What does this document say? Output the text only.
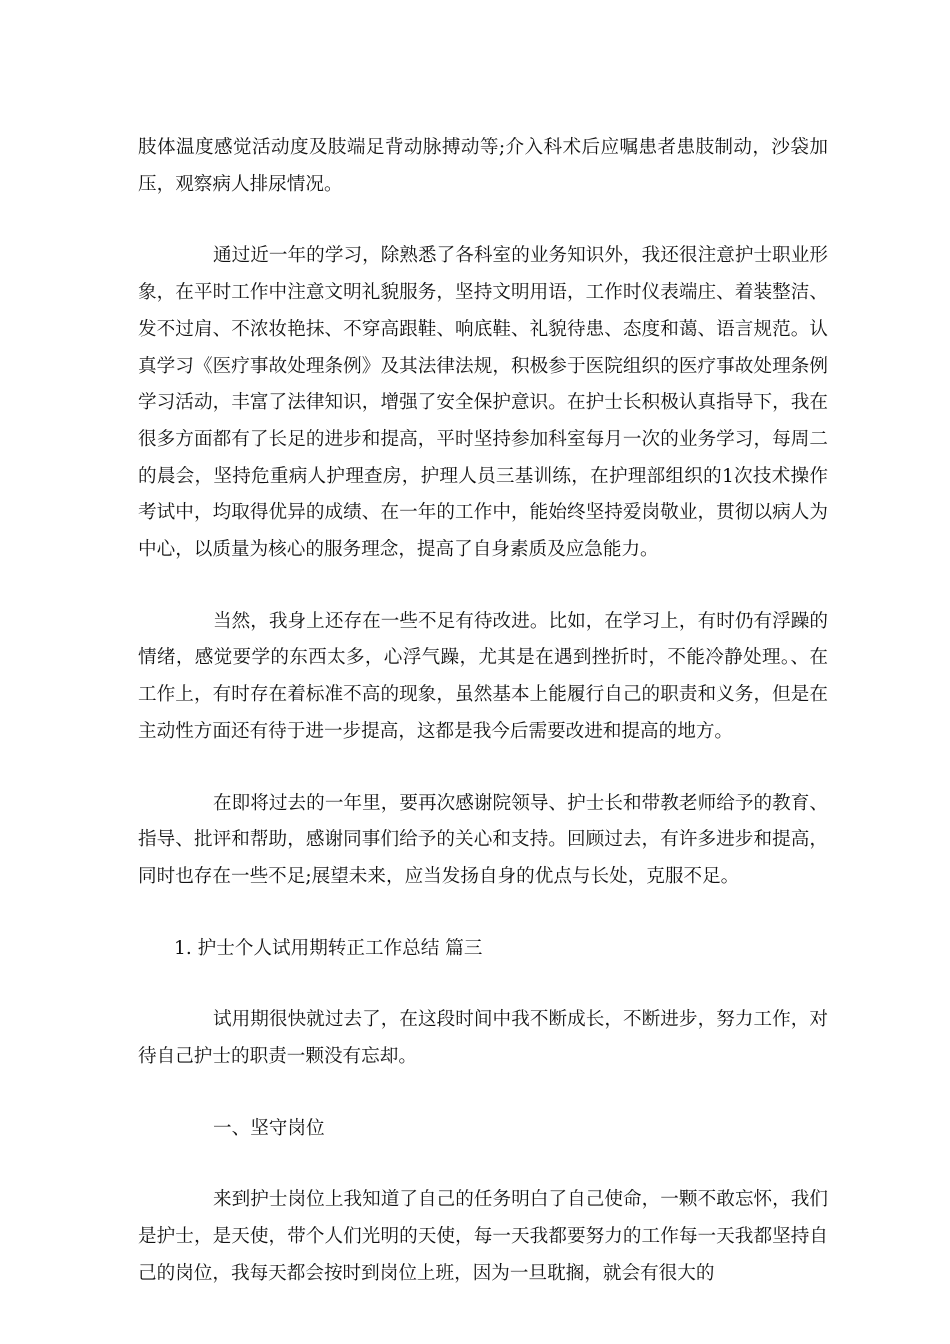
肢体温度感觉活动度及肢端足背动脉搏动等;介入科术后应嘱患者患肢制动，沙袋加压，观察病人排尿情况。

通过近一年的学习，除熟悉了各科室的业务知识外，我还很注意护士职业形象，在平时工作中注意文明礼貌服务，坚持文明用语，工作时仪表端庄、着装整洁、发不过肩、不浓妆艳抹、不穿高跟鞋、响底鞋、礼貌待患、态度和蔼、语言规范。认真学习《医疗事故处理条例》及其法律法规，积极参于医院组织的医疗事故处理条例学习活动，丰富了法律知识，增强了安全保护意识。在护士长积极认真指导下，我在很多方面都有了长足的进步和提高，平时坚持参加科室每月一次的业务学习，每周二的晨会，坚持危重病人护理查房，护理人员三基训练，在护理部组织的1次技术操作考试中，均取得优异的成绩、在一年的工作中，能始终坚持爱岗敬业，贯彻以病人为中心，以质量为核心的服务理念，提高了自身素质及应急能力。

当然，我身上还存在一些不足有待改进。比如，在学习上，有时仍有浮躁的情绪，感觉要学的东西太多，心浮气躁，尤其是在遇到挫折时，不能冷静处理。、在工作上，有时存在着标准不高的现象，虽然基本上能履行自己的职责和义务，但是在主动性方面还有待于进一步提高，这都是我今后需要改进和提高的地方。

在即将过去的一年里，要再次感谢院领导、护士长和带教老师给予的教育、指导、批评和帮助，感谢同事们给予的关心和支持。回顾过去，有许多进步和提高，同时也存在一些不足;展望未来，应当发扬自身的优点与长处，克服不足。

1. 护士个人试用期转正工作总结 篇三

试用期很快就过去了，在这段时间中我不断成长，不断进步，努力工作，对待自己护士的职责一颗没有忘却。

一、坚守岗位

来到护士岗位上我知道了自己的任务明白了自己使命，一颗不敢忘怀，我们是护士，是天使，带个人们光明的天使，每一天我都要努力的工作每一天我都坚持自己的岗位，我每天都会按时到岗位上班，因为一旦耽搁，就会有很大的
